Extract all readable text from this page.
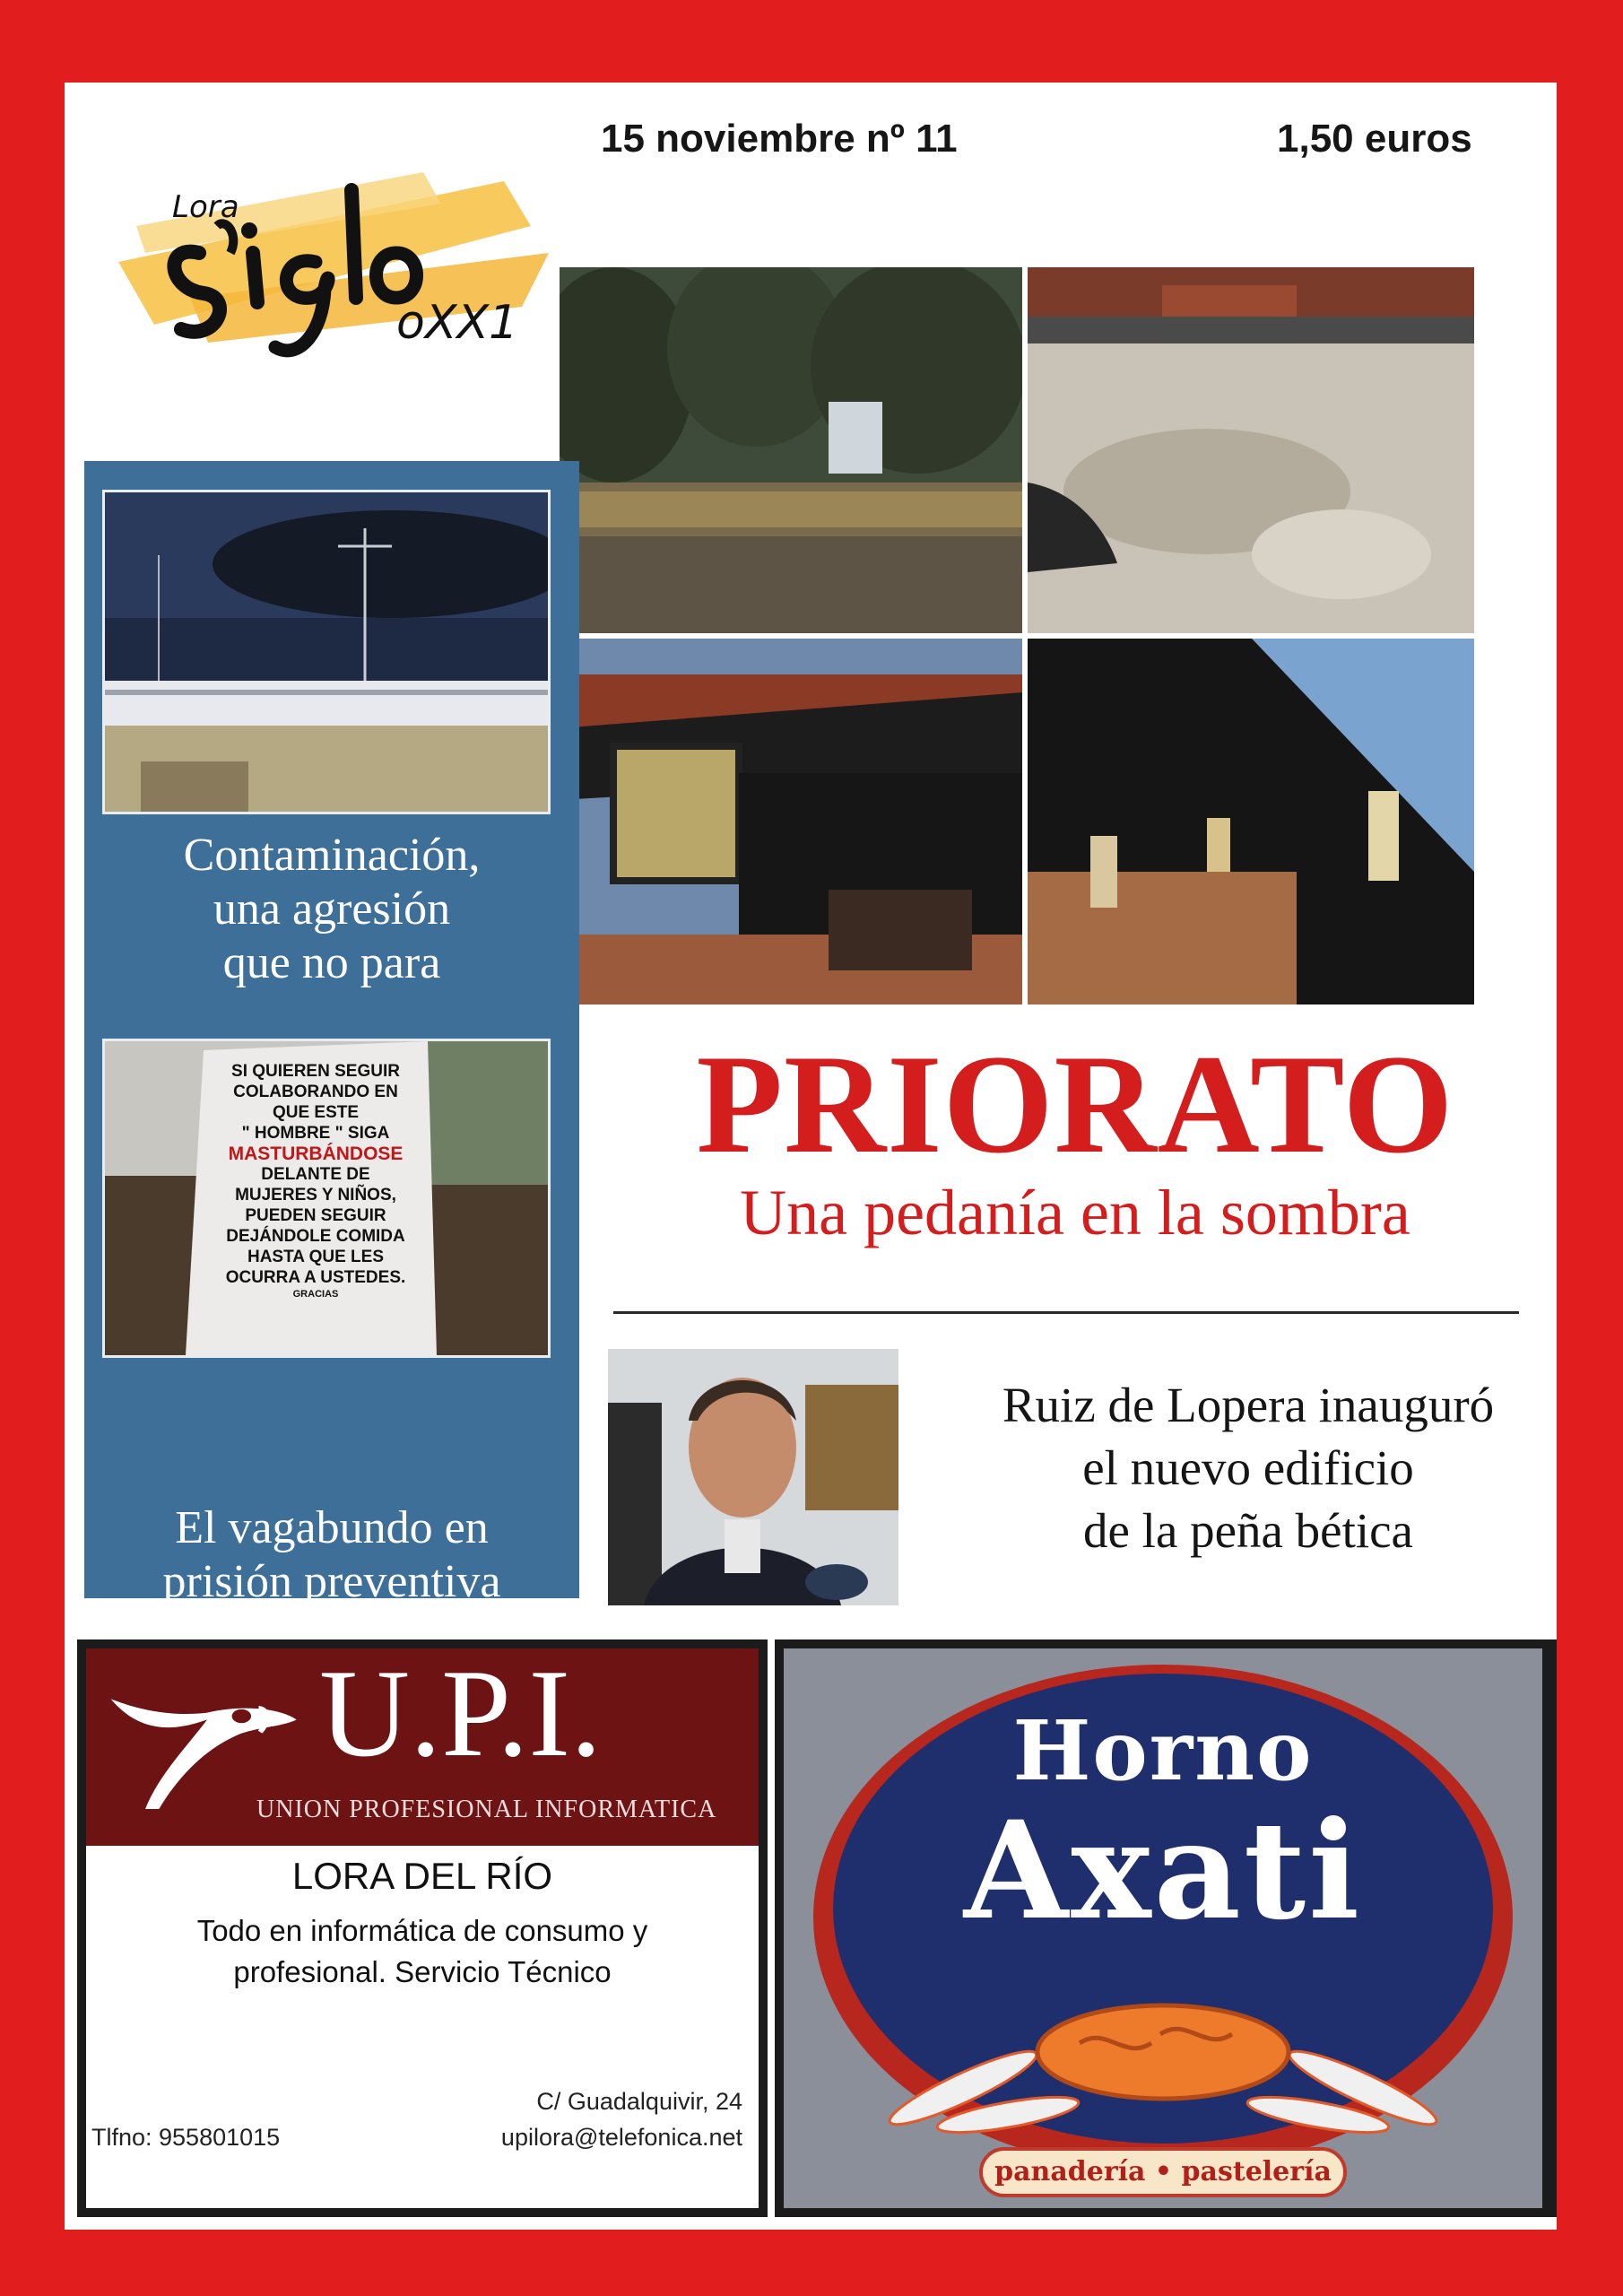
15 noviembre nº 11	1,50 euros
oXX1
Lora
Contaminación,
una agresión
que no para
SI QUIEREN SEGUIR
COLABORANDO EN
QUE ESTE
" HOMBRE " SIGA
MASTURBÁNDOSE
DELANTE DE
MUJERES Y NIÑOS,
PUEDEN SEGUIR
DEJÁNDOLE COMIDA
HASTA QUE LES
OCURRA A USTEDES.
GRACIAS
El vagabundo en
prisión preventiva
PRIORATO
Una pedanía en la sombra
Ruiz de Lopera inauguró
el nuevo edificio
de la peña bética
U.P.I.
UNION PROFESIONAL INFORMATICA
LORA DEL RÍO
Todo en informática de consumo y
profesional. Servicio Técnico
C/ Guadalquivir, 24
Tlfno: 955801015	upilora@telefonica.net
Horno
Axati
panadería • pastelería
